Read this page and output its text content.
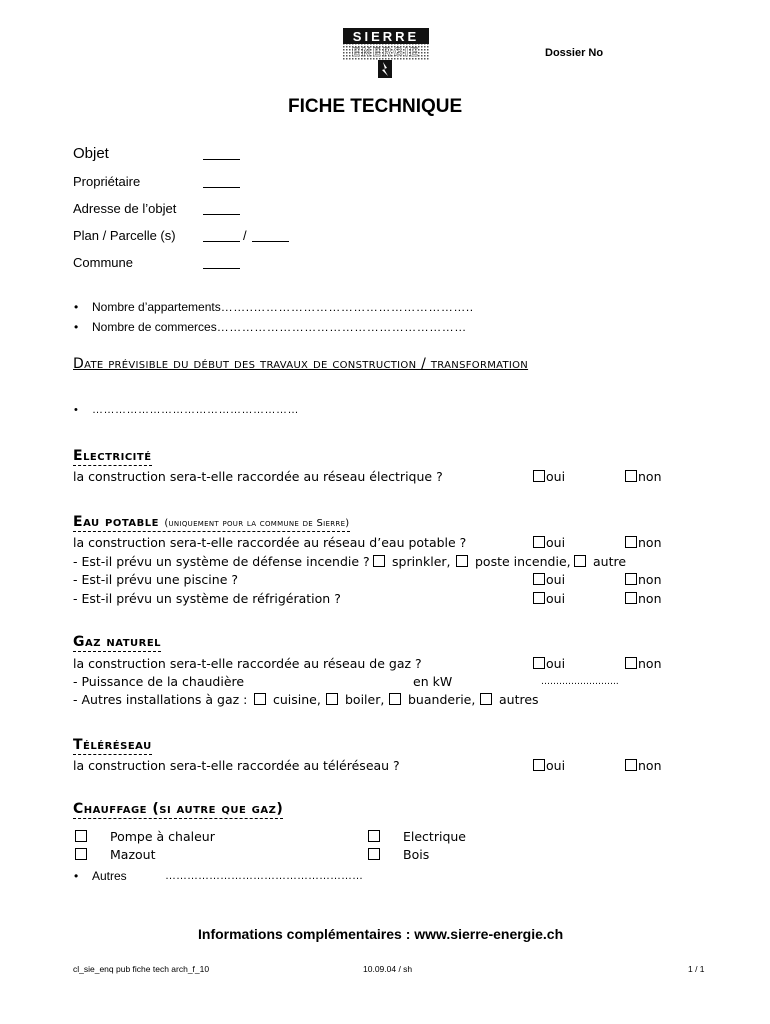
SIERRE
ENERGIE	Dossier No
FICHE TECHNIQUE
Objet
Propriétaire
Adresse de l’objet
Plan / Parcelle (s)	/
Commune
Nombre d’appartements……..……………………………………………..
Nombre de commerces……………………………………………………
Date prévisible du début des travaux de construction / transformation
………………………………………………
Electricité
la construction sera-t-elle raccordée au réseau électrique ?	oui	non
Eau potable (uniquement pour la commune de Sierre)
la construction sera-t-elle raccordée au réseau d’eau potable ?	oui	non
- Est-il prévu un système de défense incendie ? sprinkler, poste incendie, autre
- Est-il prévu une piscine ?	oui	non
- Est-il prévu un système de réfrigération ?	oui	non
Gaz naturel
la construction sera-t-elle raccordée au réseau de gaz ?	oui	non
- Puissance de la chaudière	en kW	……………………..
- Autres installations à gaz : cuisine, boiler, buanderie, autres
Téléréseau
la construction sera-t-elle raccordée au téléréseau ?	oui	non
Chauffage (si autre que gaz)
Pompe à chaleur	Electrique
Mazout	Bois
Autres	………………………………………………
Informations complémentaires : www.sierre-energie.ch
cl_sie_enq pub fiche tech arch_f_10	10.09.04 / sh	1 / 1
